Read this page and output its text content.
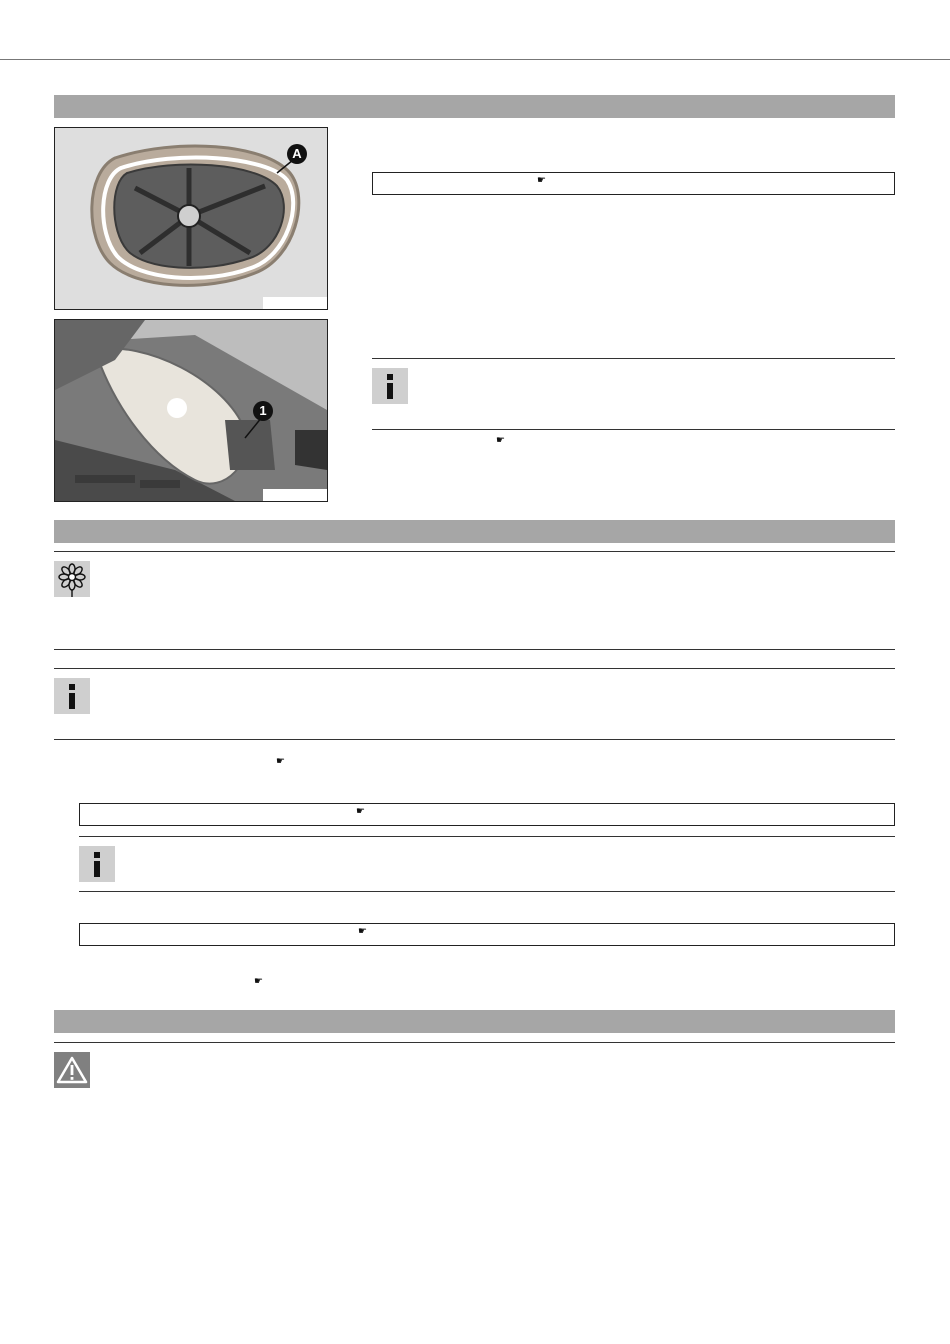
A
1
☛
☛
☛
☛
☛
☛
